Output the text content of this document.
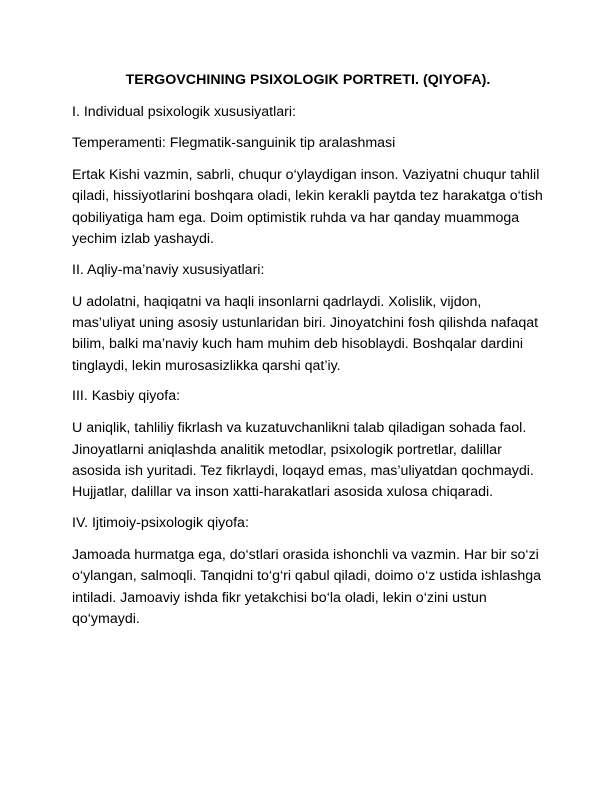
TERGOVCHINING PSIXOLOGIK PORTRETI. (QIYOFA).
I. Individual psixologik xususiyatlari:
Temperamenti: Flegmatik-sanguinik tip aralashmasi
Ertak Kishi vazmin, sabrli, chuqur o‘ylaydigan inson. Vaziyatni chuqur tahlil qiladi, hissiyotlarini boshqara oladi, lekin kerakli paytda tez harakatga o‘tish qobiliyatiga ham ega. Doim optimistik ruhda va har qanday muammoga yechim izlab yashaydi.
II. Aqliy-ma’naviy xususiyatlari:
U adolatni, haqiqatni va haqli insonlarni qadrlaydi. Xolislik, vijdon, mas’uliyat uning asosiy ustunlaridan biri. Jinoyatchini fosh qilishda nafaqat bilim, balki ma’naviy kuch ham muhim deb hisoblaydi. Boshqalar dardini tinglaydi, lekin murosasizlikka qarshi qat’iy.
III. Kasbiy qiyofa:
U aniqlik, tahliliy fikrlash va kuzatuvchanlikni talab qiladigan sohada faol. Jinoyatlarni aniqlashda analitik metodlar, psixologik portretlar, dalillar asosida ish yuritadi. Tez fikrlaydi, loqayd emas, mas’uliyatdan qochmaydi. Hujjatlar, dalillar va inson xatti-harakatlari asosida xulosa chiqaradi.
IV. Ijtimoiy-psixologik qiyofa:
Jamoada hurmatga ega, do‘stlari orasida ishonchli va vazmin. Har bir so‘zi o‘ylangan, salmoqli. Tanqidni to‘g‘ri qabul qiladi, doimo o‘z ustida ishlashga intiladi. Jamoaviy ishda fikr yetakchisi bo‘la oladi, lekin o‘zini ustun qo‘ymaydi.
